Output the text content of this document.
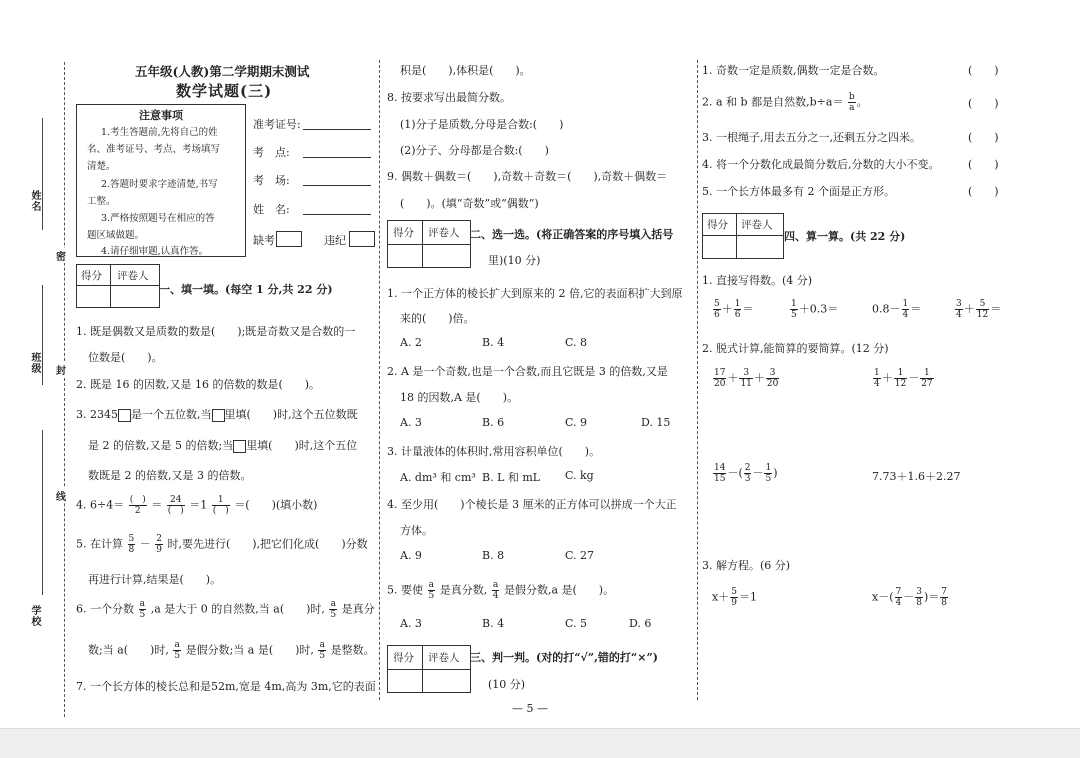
姓名
班级
学校
密
封
线
五年级(人教)第二学期期末测试
数学试题(三)
注意事项
1.考生答题前,先将自己的姓
名、准考证号、考点、考场填写
清楚。
2.答题时要求字迹清楚,书写
工整。
3.严格按照题号在相应的答
题区域做题。
4.请仔细审题,认真作答。
准考证号:
考　点:
考　场:
姓　名:
缺考	违纪
得分 评卷人
一、填一填。(每空 1 分,共 22 分)
1. 既是偶数又是质数的数是(　　);既是奇数又是合数的一
位数是(　　)。
2. 既是 16 的因数,又是 16 的倍数的数是(　　)。
3. 2345 是一个五位数,当 里填(　　)时,这个五位数既
是 2 的倍数,又是 5 的倍数;当 里填(　　)时,这个五位
数既是 2 的倍数,又是 3 的倍数。
4. $6\div 4= \frac{( )}{2} = \frac{24}{( )} =1 \frac{1}{( )}$ ＝(　　)(填小数)
5. 在计算 $\frac{5}{8} - \frac{2}{9}$ 时,要先进行(　　),把它们化成(　　)分数
再进行计算,结果是(　　)。
6. 一个分数 $\frac{a}{5} ,a$ 是大于 0 的自然数,当 a(　　)时, $\frac{a}{5}$ 是真分
数;当 a(　　)时, $\frac{a}{5}$ 是假分数;当 a 是(　　)时, $\frac{a}{5}$ 是整数。
7. 一个长方体的棱长总和是52m,宽是 4m,高为 3m,它的表面
积是(　　),体积是(　　)。
8. 按要求写出最简分数。
(1)分子是质数,分母是合数:(　　)
(2)分子、分母都是合数:(　　)
9. 偶数＋偶数＝(　　),奇数＋奇数＝(　　),奇数＋偶数＝
(　　)。(填“奇数”或“偶数”)
得分 评卷人 二、选一选。(将正确答案的序号填入括号
里)(10 分)
1. 一个正方体的棱长扩大到原来的 2 倍,它的表面积扩大到原
来的(　　)倍。
A. 2	B. 4	C. 8
2. A 是一个奇数,也是一个合数,而且它既是 3 的倍数,又是
18 的因数,A 是(　　)。
A. 3	B. 6	C. 9	D. 15
3. 计量液体的体积时,常用容积单位(　　)。
A. dm³ 和 cm³ B. L 和 mL C. kg
4. 至少用(　　)个棱长是 3 厘米的正方体可以拼成一个大正
方体。
A. 9	B. 8	C. 27
5. 要使 $\frac{a}{5}$ 是真分数, $\frac{a}{4}$ 是假分数,a 是(　　)。
A. 3	B. 4	C. 5	D. 6
得分 评卷人 三、判一判。(对的打“√”,错的打“×”)
(10 分)
1. 奇数一定是质数,偶数一定是合数。	(　　)
2. a 和 b 都是自然数$,b\div a= \frac{b}{a}$ 。	(　　)
3. 一根绳子,用去五分之一,还剩五分之四米。	(　　)
4. 将一个分数化成最简分数后,分数的大小不变。	(　　)
5. 一个长方体最多有 2 个面是正方形。	(　　)
得分 评卷人
四、算一算。(共 22 分)
1. 直接写得数。(4 分)
$\frac{5}{6} + \frac{1}{6}$ ＝	$\frac{1}{5} +0.3=$	$0.8- \frac{1}{4}$ ＝	$\frac{3}{4} + \frac{5}{12}$ ＝
2. 脱式计算,能简算的要简算。(12 分)
$\frac{17}{20} + \frac{3}{11} + \frac{3}{20}$	$\frac{1}{4} + \frac{1}{12} - \frac{1}{27}$
$\frac{14}{15}$ －( $\frac{2}{3} - \frac{1}{5}$ )	7.73＋1.6＋2.27
3. 解方程。(6 分)
$x+ \frac{5}{9} =1$	$x-( \frac{7}{4} - \frac{3}{8}$ )＝ $\frac{7}{8}$
— 5 —
